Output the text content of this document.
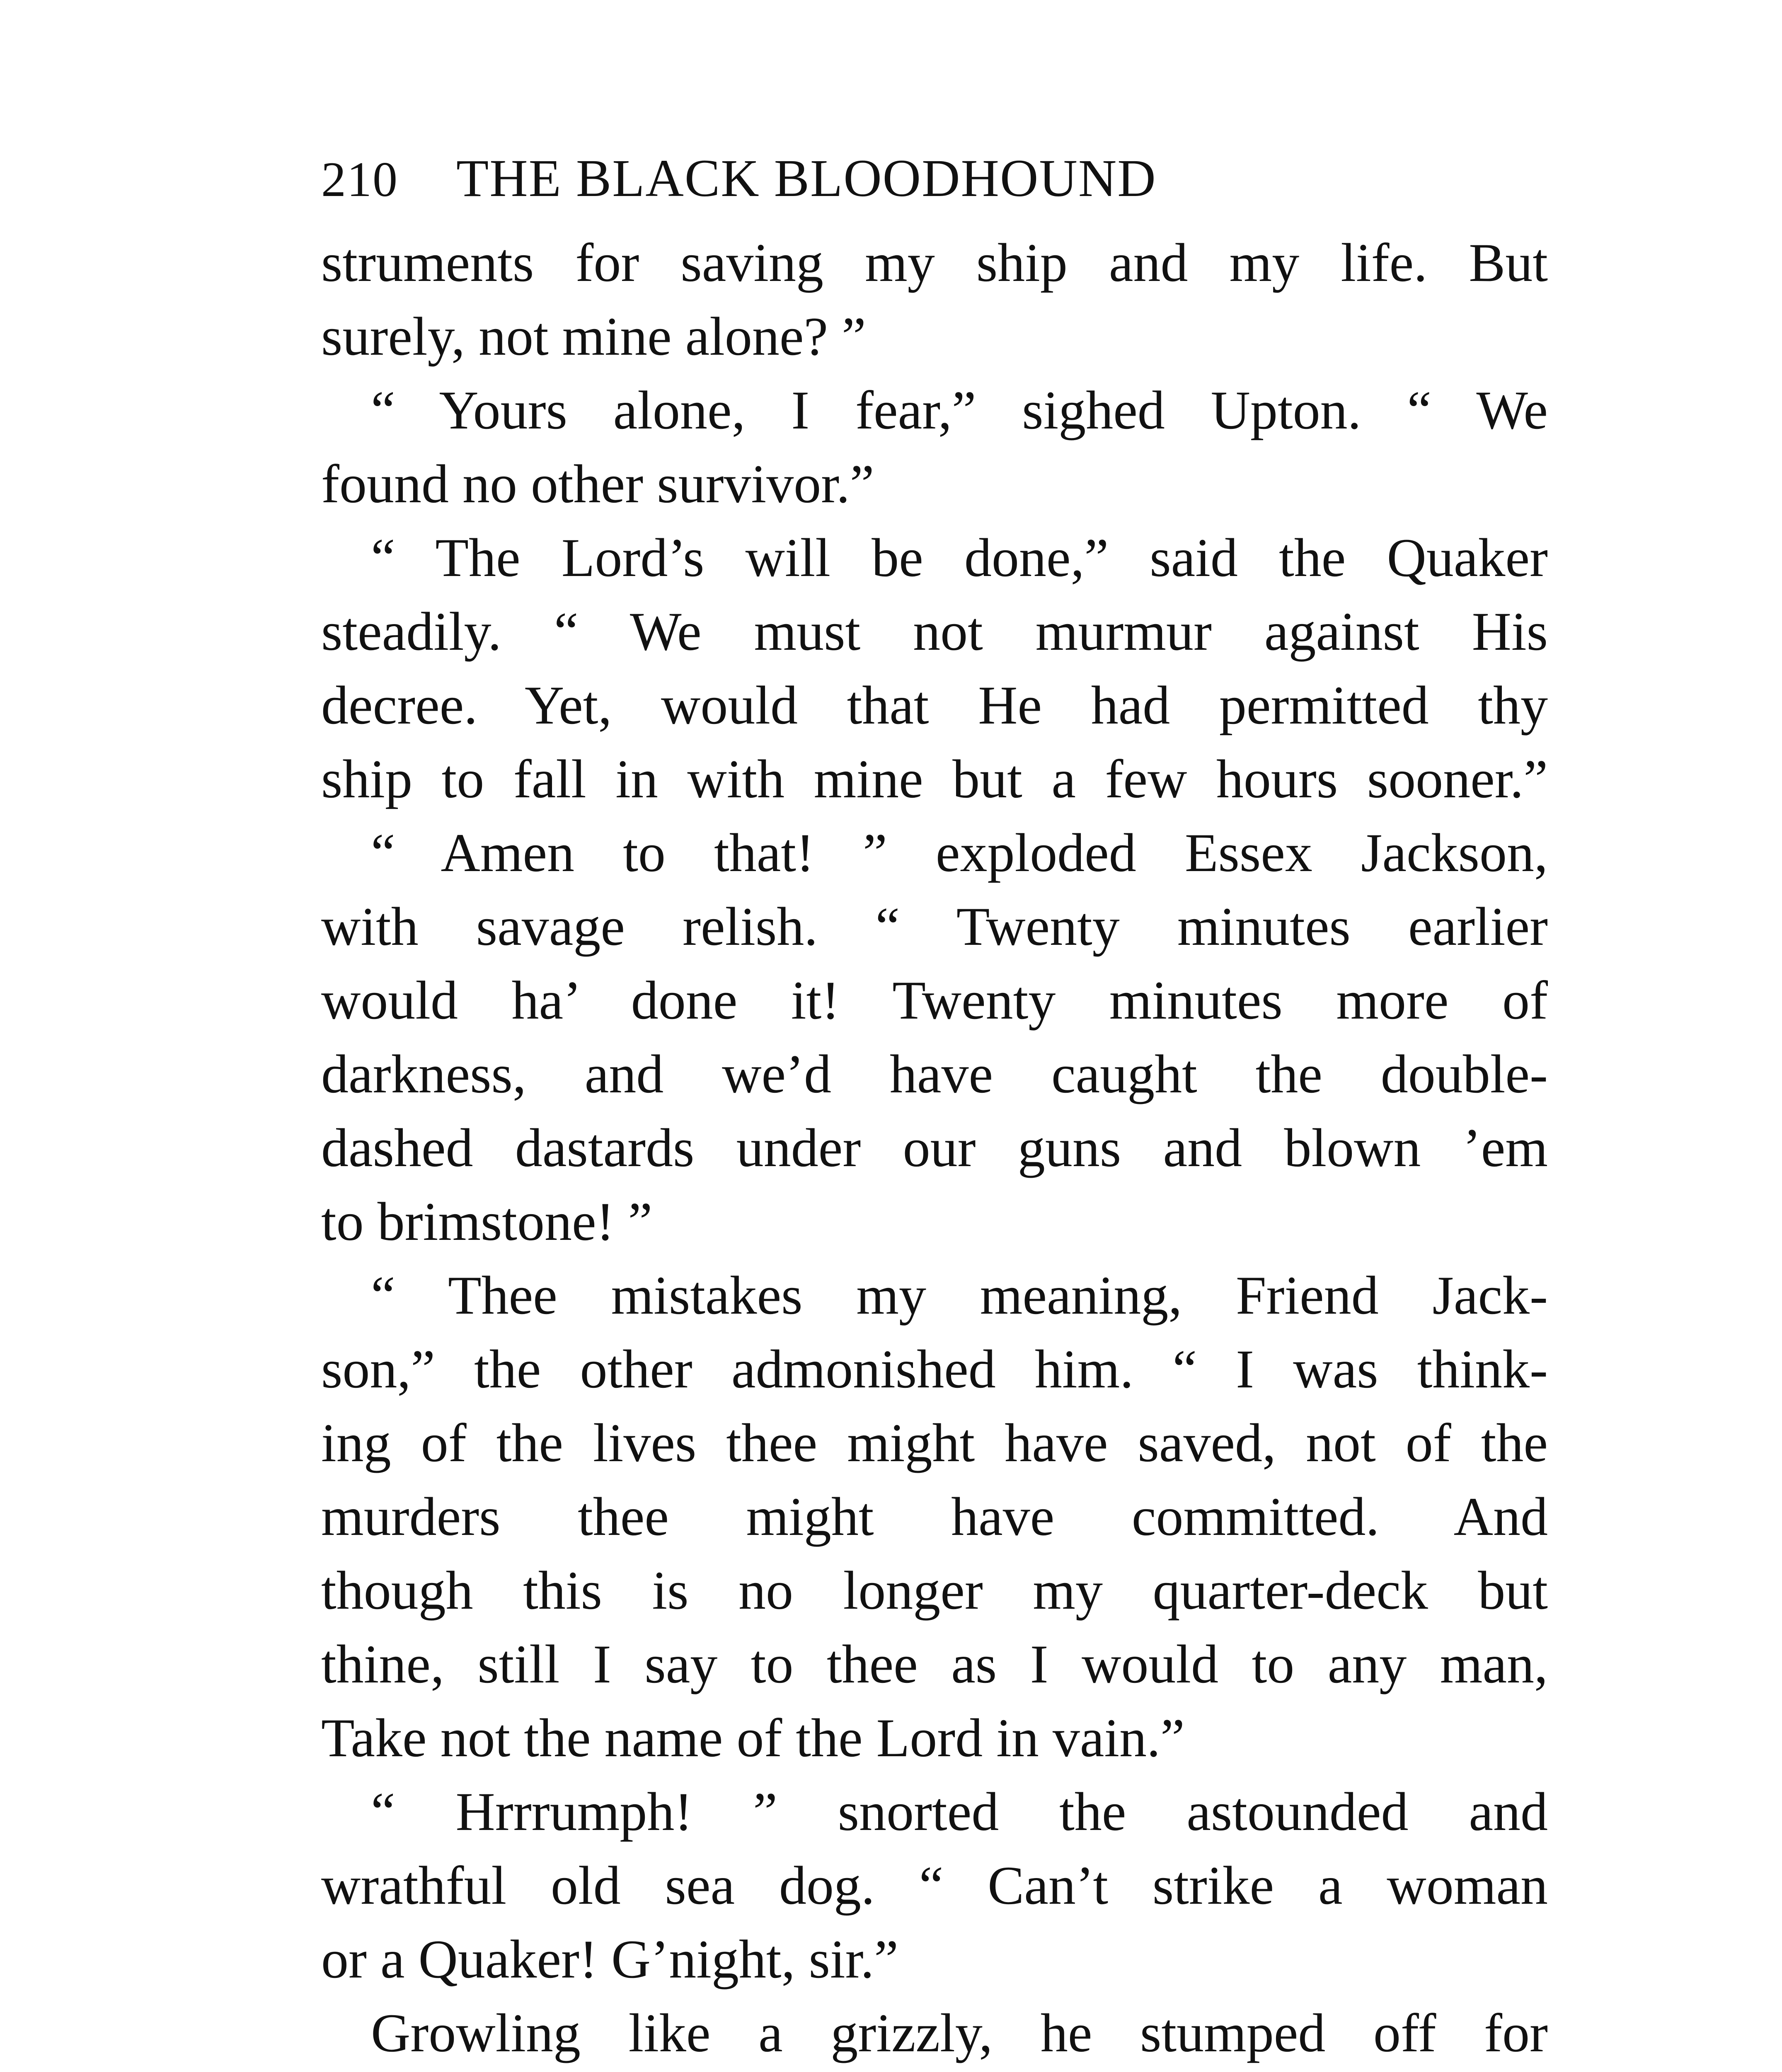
210 THE BLACK BLOODHOUND
struments for saving my ship and my life. But
surely, not mine alone? ”
“ Yours alone, I fear,” sighed Upton. “ We
found no other survivor.”
“ The Lord’s will be done,” said the Quaker
steadily. “ We must not murmur against His
decree. Yet, would that He had permitted thy
ship to fall in with mine but a few hours sooner.”
“ Amen to that! ” exploded Essex Jackson,
with savage relish. “ Twenty minutes earlier
would ha’ done it! Twenty minutes more of
darkness, and we’d have caught the double-
dashed dastards under our guns and blown ’em
to brimstone! ”
“ Thee mistakes my meaning, Friend Jack-
son,” the other admonished him. “ I was think-
ing of the lives thee might have saved, not of the
murders thee might have committed. And
though this is no longer my quarter-deck but
thine, still I say to thee as I would to any man,
Take not the name of the Lord in vain.”
“ Hrrrumph! ” snorted the astounded and
wrathful old sea dog. “ Can’t strike a woman
or a Quaker! G’night, sir.”
Growling like a grizzly, he stumped off for
